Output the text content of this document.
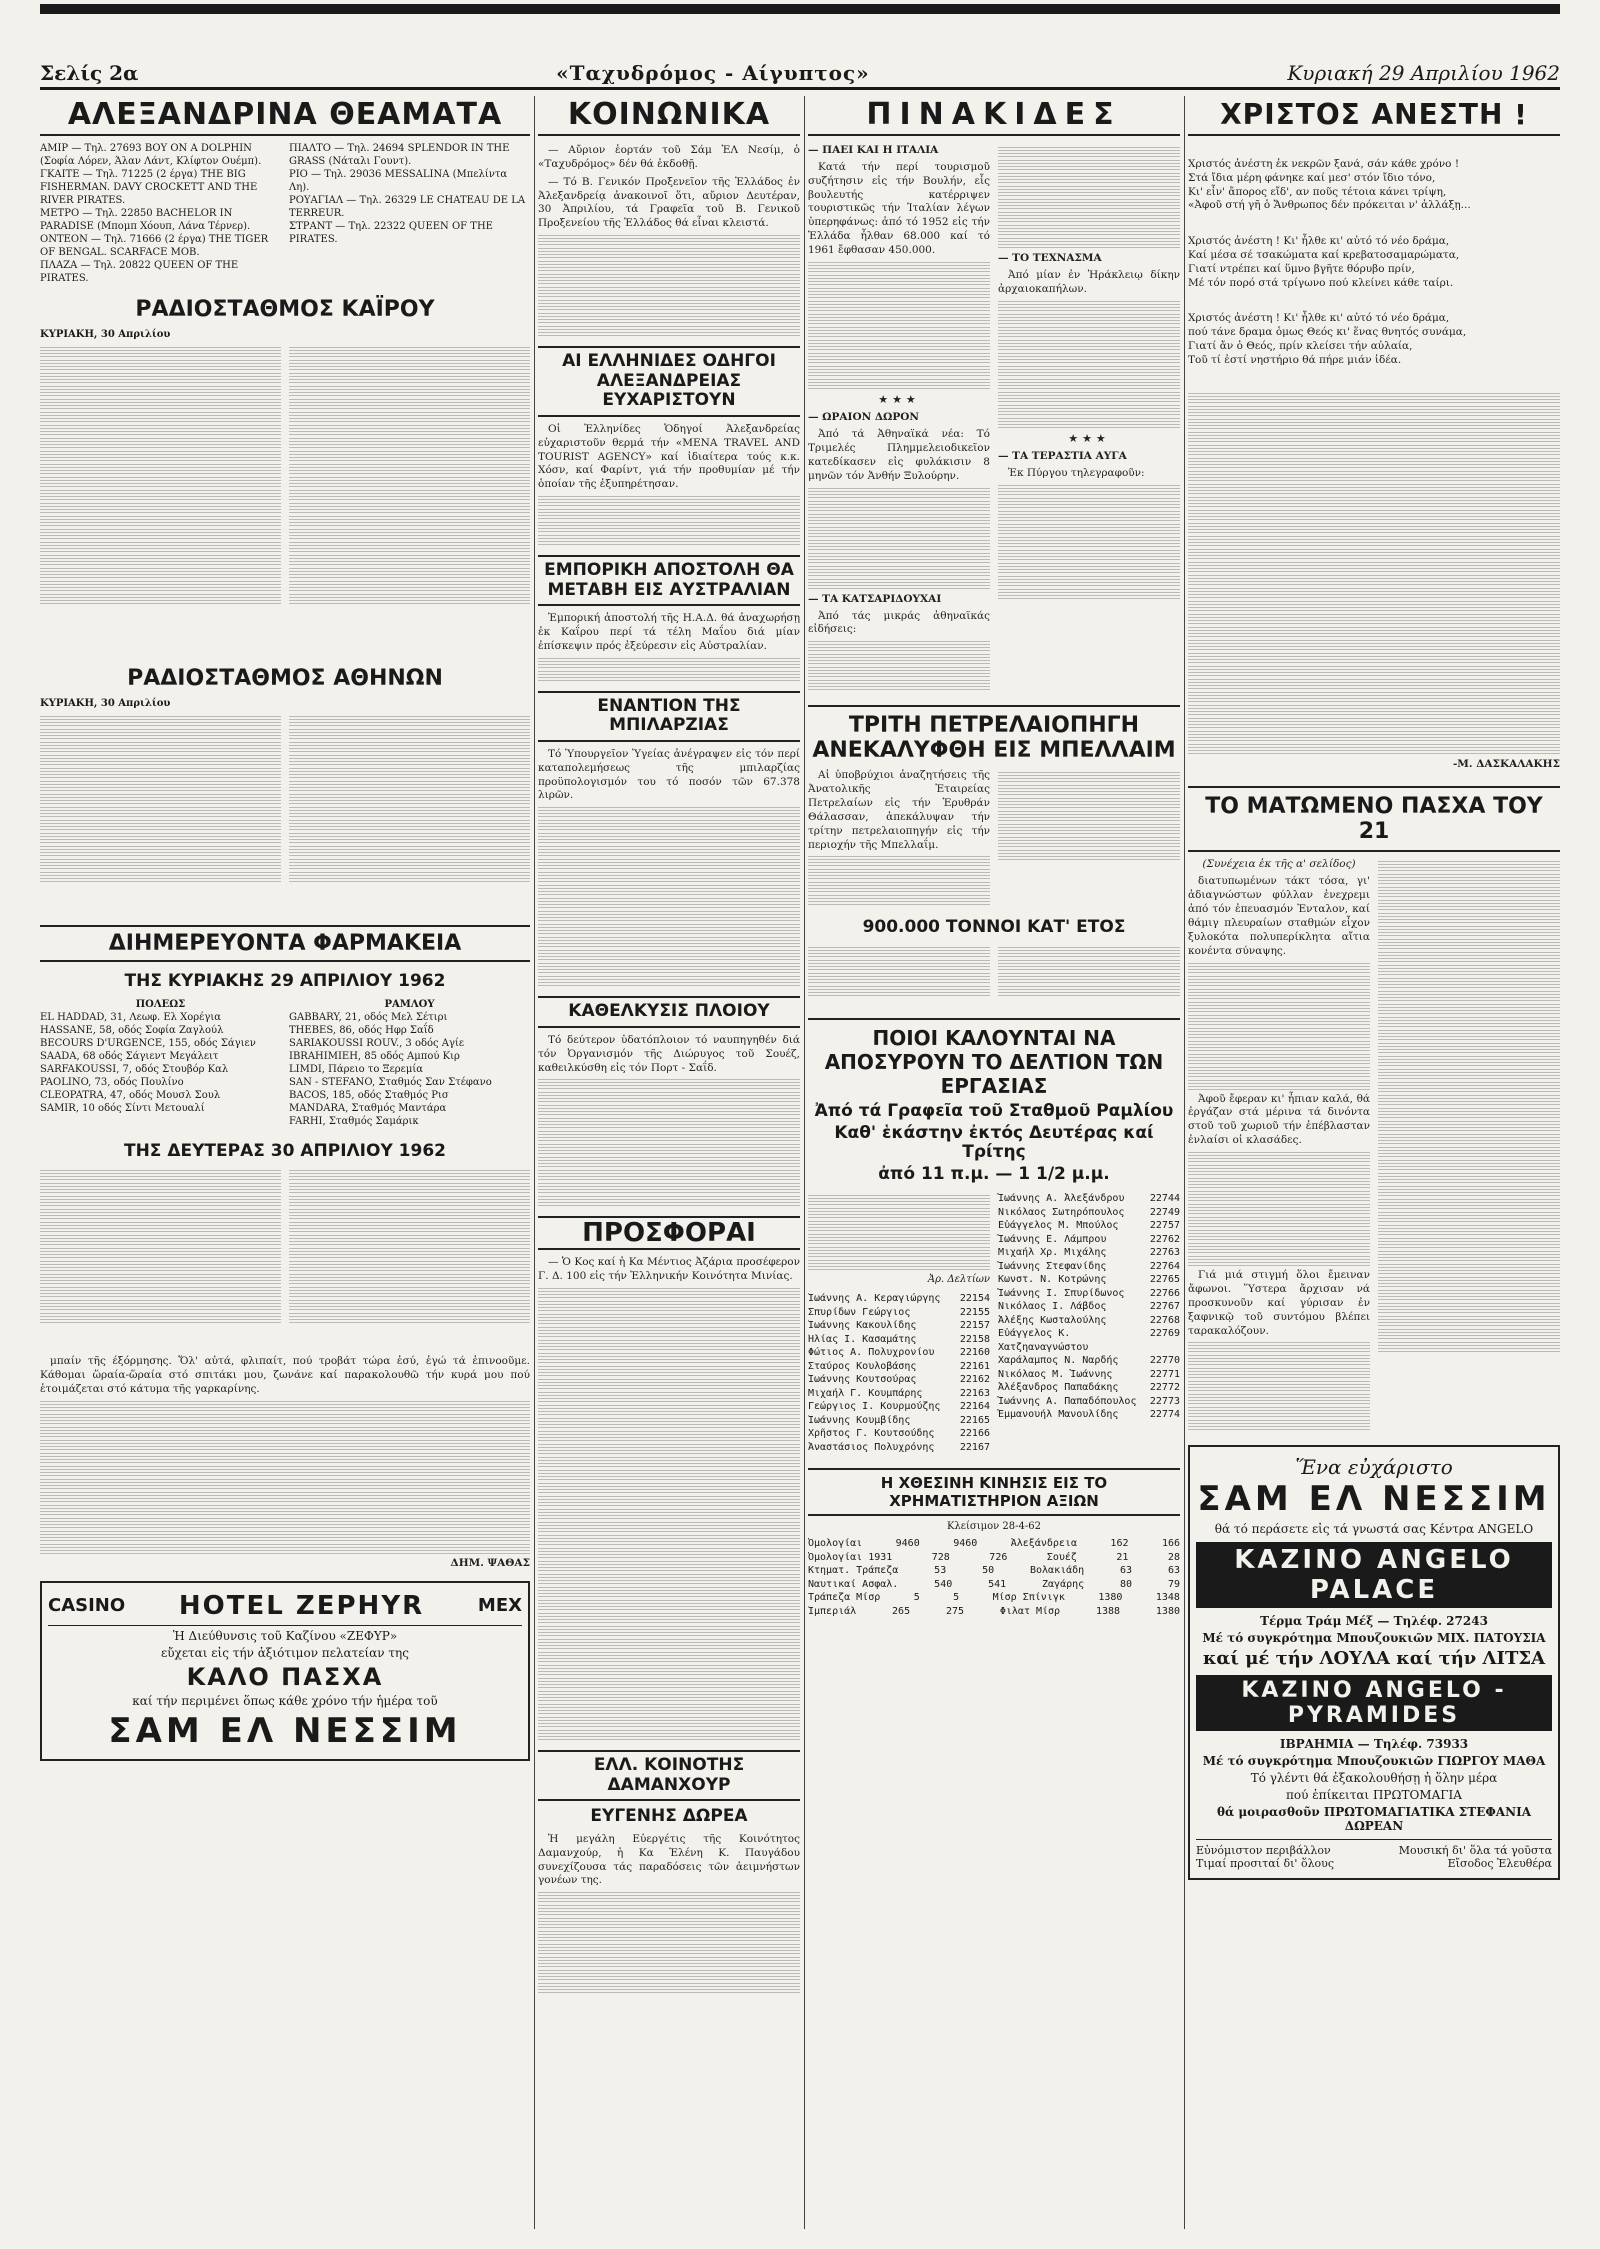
Σελίς 2α	«Ταχυδρόμος - Αίγυπτος»	Κυριακή 29 Απριλίου 1962
ΑΛΕΞΑΝΔΡΙΝΑ ΘΕΑΜΑΤΑ

ΑΜΙΡ — Τηλ. 27693 BOY ON A DOLPHIN (Σοφία Λόρεν, Άλαν Λάντ, Κλίφτον Ουέμπ).

ΓΚΑΙΤΕ — Τηλ. 71225 (2 έργα) THE BIG FISHERMAN. DAVY CROCKETT AND THE RIVER PIRATES.

ΜΕΤΡΟ — Τηλ. 22850 BACHELOR IN PARADISE (Μπομπ Χόουπ, Λάνα Τέρνερ).

ΟΝΤΕΟΝ — Τηλ. 71666 (2 έργα) THE TIGER OF BENGAL. SCARFACE MOB.

ΠΛΑΖΑ — Τηλ. 20822 QUEEN OF THE PIRATES.

ΠΙΑΛΤΟ — Τηλ. 24694 SPLENDOR IN THE GRASS (Νάταλι Γουντ).

ΡΙΟ — Τηλ. 29036 MESSALINA (Μπελίντα Λη).

ΡΟΥΑΓΙΑΛ — Τηλ. 26329 LE CHATEAU DE LA TERREUR.

ΣΤΡΑΝΤ — Τηλ. 22322 QUEEN OF THE PIRATES.

ΡΑΔΙΟΣΤΑΘΜΟΣ ΚΑΪΡΟΥ
ΚΥΡΙΑΚΗ, 30 Απριλίου
ΡΑΔΙΟΣΤΑΘΜΟΣ ΑΘΗΝΩΝ
ΚΥΡΙΑΚΗ, 30 Απριλίου
ΔΙΗΜΕΡΕΥΟΝΤΑ ΦΑΡΜΑΚΕΙΑ
ΤΗΣ ΚΥΡΙΑΚΗΣ 29 ΑΠΡΙΛΙΟΥ 1962
ΠΟΛΕΩΣ

EL HADDAD, 31, Λεωφ. Ελ Χορέγια

HASSANE, 58, οδός Σοφία Ζαγλούλ

BECOURS D'URGENCE, 155, οδός Σάγιεν

SAADA, 68 οδός Σάγιεντ Μεγάλειτ

SARFAKOUSSI, 7, οδός Στουβόρ Καλ

PAOLINO, 73, οδός Πουλίνο

CLEOPATRA, 47, οδός Μουσλ Σουλ

SAMIR, 10 οδός Σίντι Μετουαλί

ΡΑΜΛΟΥ

GABBARY, 21, οδός Μελ Σέτιρι

THEBES, 86, οδός Ηφρ Σαΐδ

SARIAKOUSSI ROUV., 3 οδός Αγίε

IBRAHIMIEH, 85 οδός Αμπού Κιρ

LIMDI, Πάρειο το Ξερεμία

SAN - STEFANO, Σταθμός Σαν Στέφανο

BACOS, 185, οδός Σταθμός Ρισ

MANDARA, Σταθμός Μαντάρα

FARHI, Σταθμός Σαμάρικ

ΤΗΣ ΔΕΥΤΕΡΑΣ 30 ΑΠΡΙΛΙΟΥ 1962

μπαίν τῆς έξόρμησης. Ὅλ' αὐτά, φλιπαίτ, πού τροβάτ τώρα ἐσύ, ἐγώ τά ἐπινοοῦμε. Κάθομαι ὥραία-ὥραία στό σπιτάκι μου, ζωνάνε καί παρακολουθῶ τήν κυρά μου πού ἑτοιμάζεται στό κάτυμα τῆς γαρκαρίνης.

ΔΗΜ. ΨΑΘΑΣ

CASINO HOTEL ZEPHYR	MEX
Ἡ Διεύθυνσις τοῦ Καζίνου «ΖΕΦΥΡ»
εὔχεται εἰς τήν ἀξιότιμον πελατείαν της
ΚΑΛΟ ΠΑΣΧΑ
καί τήν περιμένει ὅπως κάθε χρόνο τήν ἡμέρα τοῦ
ΣΑΜ ΕΛ ΝΕΣΣΙΜ
ΚΟΙΝΩΝΙΚΑ

— Αὔριον ἑορτάν τοῦ Σάμ ἘΛ Νεσίμ, ὁ «Ταχυδρόμος» δέν θά ἐκδοθῇ.

— Τό Β. Γενικόν Προξενεῖον τῆς Ἑλλάδος ἐν Ἀλεξανδρείᾳ ἀνακοινοῖ ὅτι, αὔριον Δευτέραν, 30 Ἀπριλίου, τά Γραφεῖα τοῦ Β. Γενικοῦ Προξενείου τῆς Ἑλλάδος θά εἶναι κλειστά.

ΑΙ ΕΛΛΗΝΙΔΕΣ ΟΔΗΓΟΙ ΑΛΕΞΑΝΔΡΕΙΑΣ ΕΥΧΑΡΙΣΤΟΥΝ

Οἱ Ἑλληνίδες Ὁδηγοί Ἀλεξανδρείας εὐχαριστοῦν θερμά τήν «MENA TRAVEL AND TOURIST AGENCY» καί ἰδιαίτερα τούς κ.κ. Χόσν, καί Φαρίντ, γιά τήν προθυμίαν μέ τήν ὁποίαν τῆς ἐξυπηρέτησαν.

ΕΜΠΟΡΙΚΗ ΑΠΟΣΤΟΛΗ ΘΑ ΜΕΤΑΒΗ ΕΙΣ ΑΥΣΤΡΑΛΙΑΝ

Ἐμπορική ἀποστολή τῆς Η.Α.Δ. θά ἀναχωρήσῃ ἐκ Καΐρου περί τά τέλη Μαΐου διά μίαν ἐπίσκεψιν πρός ἐξεύρεσιν εἰς Αὐστραλίαν.

ΕΝΑΝΤΙΟΝ ΤΗΣ ΜΠΙΛΑΡΖΙΑΣ

Τό Ὑπουργεῖον Ὑγείας ἀνέγραψεν εἰς τόν περί καταπολεμήσεως τῆς μπιλαρζίας προϋπολογισμόν του τό ποσόν τῶν 67.378 λιρῶν.

ΚΑΘΕΛΚΥΣΙΣ ΠΛΟΙΟΥ

Τό δεύτερον ὑδατόπλοιον τό ναυπηγηθέν διά τόν Ὀργανισμόν τῆς Διώρυγος τοῦ Σουέζ, καθειλκύσθη εἰς τόν Πορτ - Σαΐδ.

ΠΡΟΣΦΟΡΑΙ

— Ὁ Κος καί ἡ Κα Μέντιος Ἀζάρια προσέφερον Γ. Δ. 100 εἰς τήν Ἑλληνικήν Κοινότητα Μινίας.

ΕΛΛ. ΚΟΙΝΟΤΗΣ ΔΑΜΑΝΧΟΥΡ
ΕΥΓΕΝΗΣ ΔΩΡΕΑ

Ἡ μεγάλη Εὐεργέτις τῆς Κοινότητος Δαμανχούρ, ἡ Κα Ἑλένη Κ. Παυγάδου συνεχίζουσα τάς παραδόσεις τῶν ἀειμνήστων γονέων της.

ΠΙΝΑΚΙΔΕΣ
— ΠΑΕΙ ΚΑΙ Η ΙΤΑΛΙΑ

Κατά τήν περί τουρισμοῦ συζήτησιν εἰς τήν Βουλήν, εἷς βουλευτής κατέρριψεν τουριστικῶς τήν Ἰταλίαν λέγων ὑπερηφάνως: ἀπό τό 1952 εἰς τήν Ἑλλάδα ἦλθαν 68.000 καί τό 1961 ἔφθασαν 450.000.

★★★
— ΩΡΑΙΟΝ ΔΩΡΟΝ

Ἀπό τά Ἀθηναϊκά νέα: Τό Τριμελές Πλημμελειοδικεῖον κατεδίκασεν εἰς φυλάκισιν 8 μηνῶν τόν Ἀνθήν Ξυλούρην.

— ΤΑ ΚΑΤΣΑΡΙΔΟΥΧΑΙ

Ἀπό τάς μικράς ἀθηναϊκάς εἰδήσεις:

— ΤΟ ΤΕΧΝΑΣΜΑ

Ἀπό μίαν ἐν Ἠράκλειῳ δίκην ἀρχαιοκαπήλων.

★★★
— ΤΑ ΤΕΡΑΣΤΙΑ ΑΥΓΑ

Ἐκ Πύργου τηλεγραφοῦν:

ΤΡΙΤΗ ΠΕΤΡΕΛΑΙΟΠΗΓΗ
ΑΝΕΚΑΛΥΦΘΗ ΕΙΣ ΜΠΕΛΛΑΙΜ

Αἱ ὑποβρύχιοι ἀναζητήσεις τῆς Ἀνατολικῆς Ἑταιρείας Πετρελαίων εἰς τήν Ἐρυθράν Θάλασσαν, ἀπεκάλυψαν τήν τρίτην πετρελαιοπηγήν εἰς τήν περιοχήν τῆς Μπελλαΐμ.

900.000 ΤΟΝΝΟΙ ΚΑΤ' ΕΤΟΣ
ΠΟΙΟΙ ΚΑΛΟΥΝΤΑΙ ΝΑ ΑΠΟΣΥΡΟΥΝ ΤΟ ΔΕΛΤΙΟΝ ΤΩΝ ΕΡΓΑΣΙΑΣ
Ἀπό τά Γραφεῖα τοῦ Σταθμοῦ Ραμλίου
Καθ' ἑκάστην ἐκτός Δευτέρας καί Τρίτης
ἀπό 11 π.μ. — 1 1/2 μ.μ.
Ἀρ. Δελτίων
Ἰωάννης Α. Κεραγιώργης 22154
Σπυρίδων Γεώργιος	22155
Ἰωάννης Κακουλίδης	22157
Ἠλίας Ι. Κασαμάτης	22158
Φώτιος Α. Πολυχρονίου	22160
Σταύρος Κουλοβάσης	22161
Ἰωάννης Κουτσούρας	22162
Μιχαήλ Γ. Κουμπάρης	22163
Γεώργιος Ι. Κουρμούζης 22164
Ἰωάννης Κουμβίδης	22165
Χρῆστος Γ. Κουτσούδης	22166
Ἀναστάσιος Πολυχρόνης	22167
Ἰωάννης Α. Ἀλεξάνδρου	22744
Νικόλαος Σωτηρόπουλος	22749
Εὐάγγελος Μ. Μπούλος	22757
Ἰωάννης Ε. Λάμπρου	22762
Μιχαήλ Χρ. Μιχάλης	22763
Ἰωάννης Στεφανίδης	22764
Κωνστ. Ν. Κοτρώνης	22765
Ἰωάννης Ι. Σπυρίδωνος	22766
Νικόλαος Ι. Λάβδος	22767
Ἀλέξης Κωσταλούλης	22768
Εὐάγγελος Κ. Χατζηαναγνώστου
22769
Χαράλαμπος Ν. Ναρδής	22770
Νικόλαος Μ. Ἰωάννης	22771
Ἀλέξανδρος Παπαδάκης	22772
Ἰωάννης Α. Παπαδόπουλος 22773
Ἐμμανουήλ Μανουλίδης	22774
Η ΧΘΕΣΙΝΗ ΚΙΝΗΣΙΣ ΕΙΣ ΤΟ ΧΡΗΜΑΤΙΣΤΗΡΙΟΝ ΑΞΙΩΝ
Κλείσιμον 28-4-62
Ὀμολογίαι	9460	9460	Ἀλεξάνδρεια	162	166
Ὀμολογίαι 1931	728	726	Σουέζ	21	28
Κτηματ. Τράπεζα	53	50	Βολακιάδη	63	63
Ναυτικαί Ασφαλ.	540	541	Ζαγάρης	80	79
Τράπεζα Μίσρ	5	5	Μίσρ Σπίνιγκ	1380	1348
Ἰμπεριάλ	265	275	Φιλατ Μίσρ	1388	1380
ΧΡΙΣΤΟΣ ΑΝΕΣΤΗ !

Χριστός ἀνέστη ἐκ νεκρῶν ξανά, σάν κάθε χρόνο !
Στά ἴδια μέρη φάνηκε καί μεσ' στόν ἴδιο τόνο,
Κι' εἶν' ἄπορος εἴδ', αν ποῦς τέτοια κάνει τρίψη,
«Ἀφοῦ στή γῆ ὁ Ἄνθρωπος δέν πρόκειται ν' ἀλλάξῃ...

Χριστός ἀνέστη ! Κι' ἦλθε κι' αὐτό τό νέο δράμα,
Καί μέσα σέ τσακώματα καί κρεβατοσαμαρώματα,
Γιατί ντρέπει καί ὕμνο βγῆτε θόρυβο πρίν,
Μέ τόν πορό στά τρίγωνο πού κλείνει κάθε ταίρι.

Χριστός ἀνέστη ! Κι' ἦλθε κι' αὐτό τό νέο δράμα,
πού τάνε δραμα ὁμως Θεός κι' ἕνας θνητός συνάμα,
Γιατί ἄν ὁ Θεός, πρίν κλείσει τήν αὐλαία,
Τοῦ τί ἐστί νηστήριο θά πήρε μιάν ἰδέα.

-Μ. ΔΑΣΚΑΛΑΚΗΣ

ΤΟ ΜΑΤΩΜΕΝΟ ΠΑΣΧΑ ΤΟΥ 21

(Συνέχεια ἐκ τῆς α' σελίδος)

διατυπωμένων τάκτ τόσα, γι' ἀδιαγνώστων φύλλαν ἐνεχρεμι ἀπό τόν ἐπευασμόν Ἐνταλον, καί θάμιγ πλευραίων σταθμών εἶχον ξυλοκότα πολυπερίκλητα αἴτια κονέντα σύναψης.

Ἀφοῦ ἔφεραν κι' ἦπιαν καλά, θά ἐργάζαν στά μέρινα τά δινόντα στοῦ τοῦ χωριοῦ τήν ἐπέβλασταν ἐνλαίσι οἱ κλασάδες.

Γιά μιά στιγμή ὅλοι ἔμειναν ἄφωνοι. Ὕστερα ἄρχισαν νά προσκυνοῦν καί γύρισαν ἐν ξαφνικῷ τοῦ συντόμου βλέπει ταρακαλόζουν.

Ἕνα εὐχάριστο
ΣΑΜ ΕΛ ΝΕΣΣΙΜ
θά τό περάσετε εἰς τά γνωστά σας Κέντρα ANGELO
ΚΑΖΙΝΟ ANGELO PALACE
Τέρμα Τράμ Μέξ — Τηλέφ. 27243
Μέ τό συγκρότημα Μπουζουκιῶν ΜΙΧ. ΠΑΤΟΥΣΙΑ
καί μέ τήν ΛΟΥΛΑ καί τήν ΛΙΤΣΑ
ΚΑΖΙΝΟ ANGELO - PYRAMIDES
ΙΒΡΑΗΜΙΑ — Τηλέφ. 73933
Μέ τό συγκρότημα Μπουζουκιῶν ΓΙΩΡΓΟΥ ΜΑΘΑ
Τό γλέντι θά ἐξακολουθήσῃ ἡ ὅλην μέρα
πού ἐπίκειται ΠΡΩΤΟΜΑΓΙΑ
θά μοιρασθοῦν ΠΡΩΤΟΜΑΓΙΑΤΙΚΑ ΣΤΕΦΑΝΙΑ ΔΩΡΕΑΝ
Εὐνόμιστον περιβάλλον	Μουσική δι' ὅλα τά γοῦστα
Τιμαί προσιταί δι' ὅλους	Εἴσοδος Ἐλευθέρα
